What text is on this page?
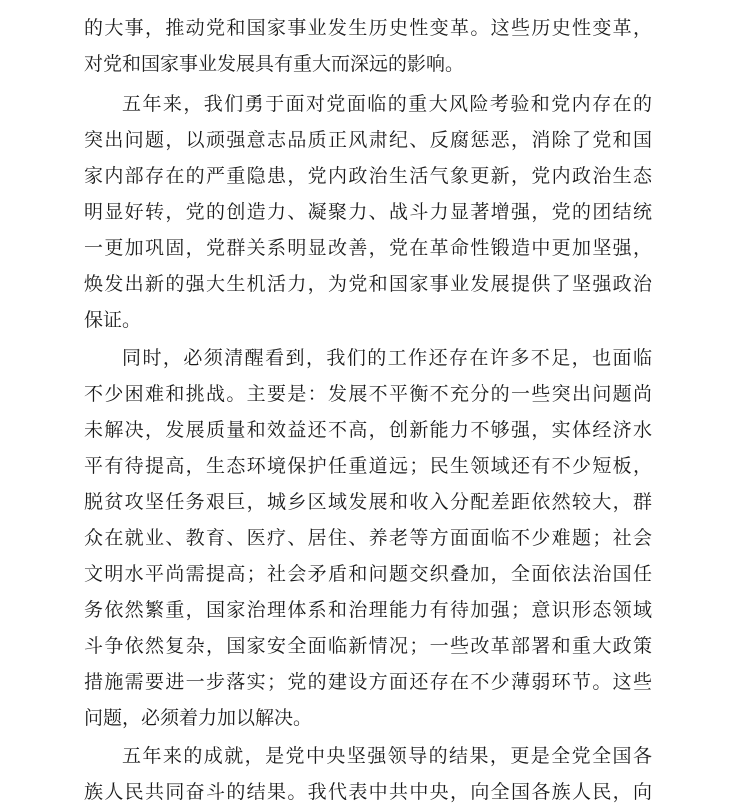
的大事，推动党和国家事业发生历史性变革。这些历史性变革，
对党和国家事业发展具有重大而深远的影响。
五年来，我们勇于面对党面临的重大风险考验和党内存在的
突出问题，以顽强意志品质正风肃纪、反腐惩恶，消除了党和国
家内部存在的严重隐患，党内政治生活气象更新，党内政治生态
明显好转，党的创造力、凝聚力、战斗力显著增强，党的团结统
一更加巩固，党群关系明显改善，党在革命性锻造中更加坚强，
焕发出新的强大生机活力，为党和国家事业发展提供了坚强政治
保证。
同时，必须清醒看到，我们的工作还存在许多不足，也面临
不少困难和挑战。主要是：发展不平衡不充分的一些突出问题尚
未解决，发展质量和效益还不高，创新能力不够强，实体经济水
平有待提高，生态环境保护任重道远；民生领域还有不少短板，
脱贫攻坚任务艰巨，城乡区域发展和收入分配差距依然较大，群
众在就业、教育、医疗、居住、养老等方面面临不少难题；社会
文明水平尚需提高；社会矛盾和问题交织叠加，全面依法治国任
务依然繁重，国家治理体系和治理能力有待加强；意识形态领域
斗争依然复杂，国家安全面临新情况；一些改革部署和重大政策
措施需要进一步落实；党的建设方面还存在不少薄弱环节。这些
问题，必须着力加以解决。
五年来的成就，是党中央坚强领导的结果，更是全党全国各
族人民共同奋斗的结果。我代表中共中央，向全国各族人民，向
